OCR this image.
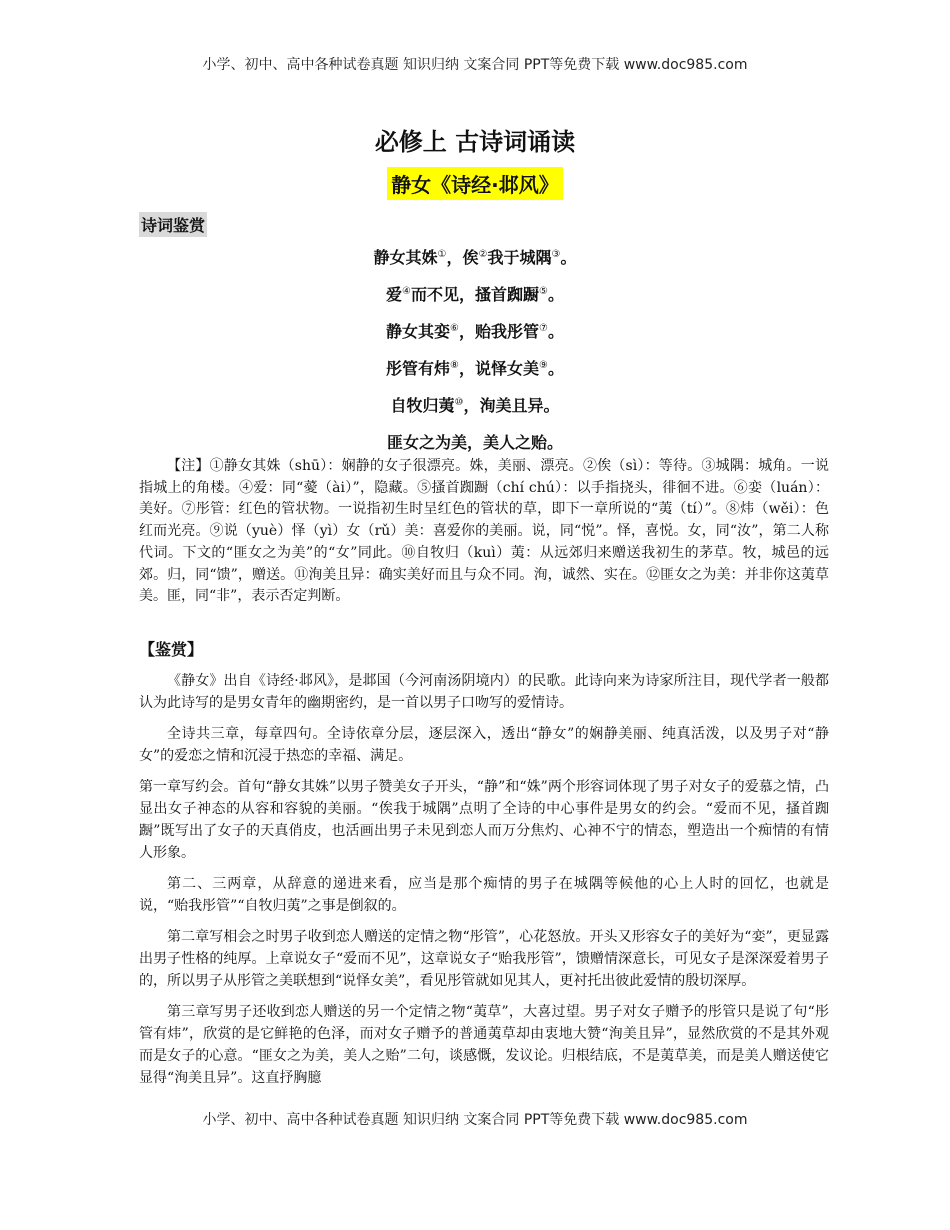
小学、初中、高中各种试卷真题 知识归纳 文案合同 PPT等免费下载 www.doc985.com
必修上 古诗词诵读
静女《诗经·邶风》
诗词鉴赏
静女其姝①，俟②我于城隅③。
爱④而不见，搔首踟蹰⑤。
静女其娈⑥，贻我彤管⑦。
彤管有炜⑧，说怿女美⑨。
自牧归荑⑩，洵美且异。
匪女之为美，美人之贻。
【注】①静女其姝（shū）：娴静的女子很漂亮。姝，美丽、漂亮。②俟（sì）：等待。③城隅：城角。一说指城上的角楼。④爱：同“薆（ài）”，隐藏。⑤搔首踟蹰（chí chú）：以手指挠头，徘徊不进。⑥娈（luán）：美好。⑦彤管：红色的管状物。一说指初生时呈红色的管状的草，即下一章所说的“荑（tí）”。⑧炜（wěi）：色红而光亮。⑨说（yuè）怿（yì）女（rǔ）美：喜爱你的美丽。说，同“悦”。怿，喜悦。女，同“汝”，第二人称代词。下文的“匪女之为美”的“女”同此。⑩自牧归（kuì）荑：从远郊归来赠送我初生的茅草。牧，城邑的远郊。归，同“馈”，赠送。⑪洵美且异：确实美好而且与众不同。洵，诚然、实在。⑫匪女之为美：并非你这荑草美。匪，同“非”，表示否定判断。
【鉴赏】

《静女》出自《诗经·邶风》，是邶国（今河南汤阴境内）的民歌。此诗向来为诗家所注目，现代学者一般都认为此诗写的是男女青年的幽期密约，是一首以男子口吻写的爱情诗。

全诗共三章，每章四句。全诗依章分层，逐层深入，透出“静女”的娴静美丽、纯真活泼，以及男子对“静女”的爱恋之情和沉浸于热恋的幸福、满足。

第一章写约会。首句“静女其姝”以男子赞美女子开头，“静”和“姝”两个形容词体现了男子对女子的爱慕之情，凸显出女子神态的从容和容貌的美丽。“俟我于城隅”点明了全诗的中心事件是男女的约会。“爱而不见，搔首踟蹰”既写出了女子的天真俏皮，也活画出男子未见到恋人而万分焦灼、心神不宁的情态，塑造出一个痴情的有情人形象。

第二、三两章，从辞意的递进来看，应当是那个痴情的男子在城隅等候他的心上人时的回忆，也就是说，“贻我彤管”“自牧归荑”之事是倒叙的。

第二章写相会之时男子收到恋人赠送的定情之物“彤管”，心花怒放。开头又形容女子的美好为“娈”，更显露出男子性格的纯厚。上章说女子“爱而不见”，这章说女子“贻我彤管”，馈赠情深意长，可见女子是深深爱着男子的，所以男子从彤管之美联想到“说怿女美”，看见彤管就如见其人，更衬托出彼此爱情的殷切深厚。

第三章写男子还收到恋人赠送的另一个定情之物“荑草”，大喜过望。男子对女子赠予的彤管只是说了句“彤管有炜”，欣赏的是它鲜艳的色泽，而对女子赠予的普通荑草却由衷地大赞“洵美且异”，显然欣赏的不是其外观而是女子的心意。“匪女之为美，美人之贻”二句，谈感慨，发议论。归根结底，不是荑草美，而是美人赠送使它显得“洵美且异”。这直抒胸臆

小学、初中、高中各种试卷真题 知识归纳 文案合同 PPT等免费下载 www.doc985.com
